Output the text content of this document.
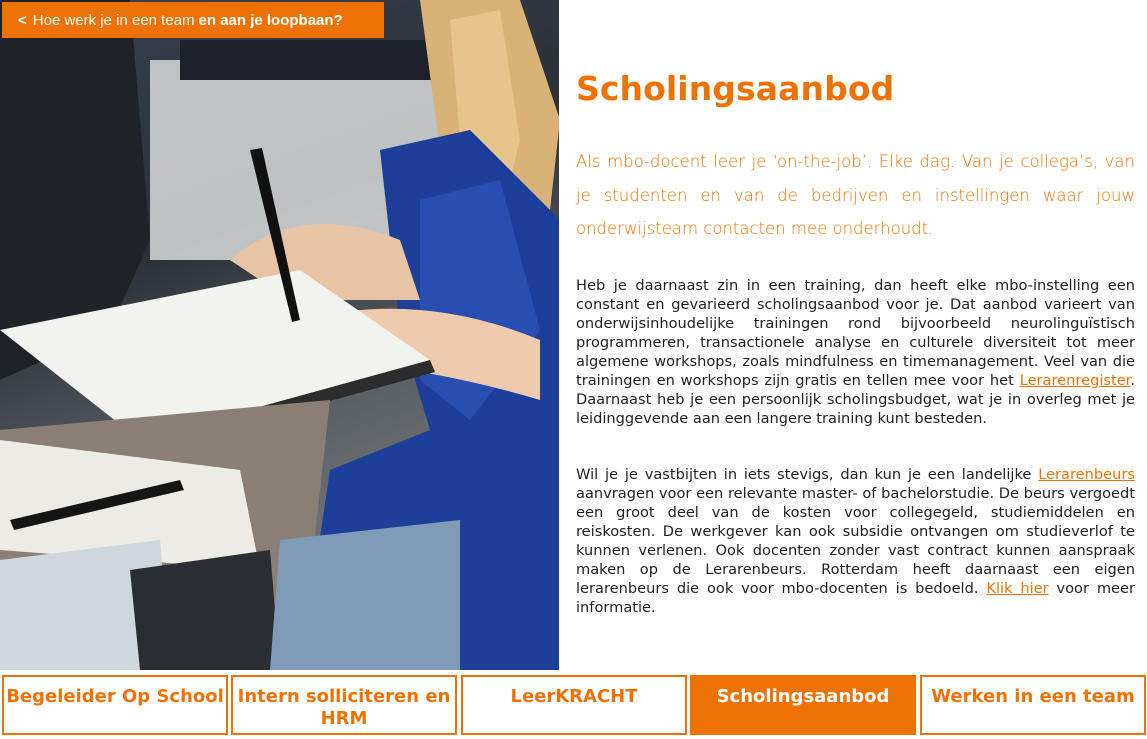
< Hoe werk je in een team en aan je loopbaan?
Scholingsaanbod

Als mbo-docent leer je ‘on-the-job’. Elke dag. Van je collega’s, van je studenten en van de bedrijven en instellingen waar jouw onderwijsteam contacten mee onderhoudt.

Heb je daarnaast zin in een training, dan heeft elke mbo-instelling een constant en gevarieerd scholingsaanbod voor je. Dat aanbod varieert van onderwijsinhoudelijke trainingen rond bijvoorbeeld neurolinguïstisch programmeren, transactionele analyse en culturele diversiteit tot meer algemene workshops, zoals mindfulness en timemanagement. Veel van die trainingen en workshops zijn gratis en tellen mee voor het Lerarenregister. Daarnaast heb je een persoonlijk scholingsbudget, wat je in overleg met je leidinggevende aan een langere training kunt besteden.

Wil je je vastbijten in iets stevigs, dan kun je een landelijke Lerarenbeurs aanvragen voor een relevante master- of bachelorstudie. De beurs vergoedt een groot deel van de kosten voor collegegeld, studiemiddelen en reiskosten. De werkgever kan ook subsidie ontvangen om studieverlof te kunnen verlenen. Ook docenten zonder vast contract kunnen aanspraak maken op de Lerarenbeurs. Rotterdam heeft daarnaast een eigen lerarenbeurs die ook voor mbo-docenten is bedoeld. Klik hier voor meer informatie.

Begeleider Op School Intern solliciteren en HRM
LeerKRACHT	Scholingsaanbod	Werken in een team
